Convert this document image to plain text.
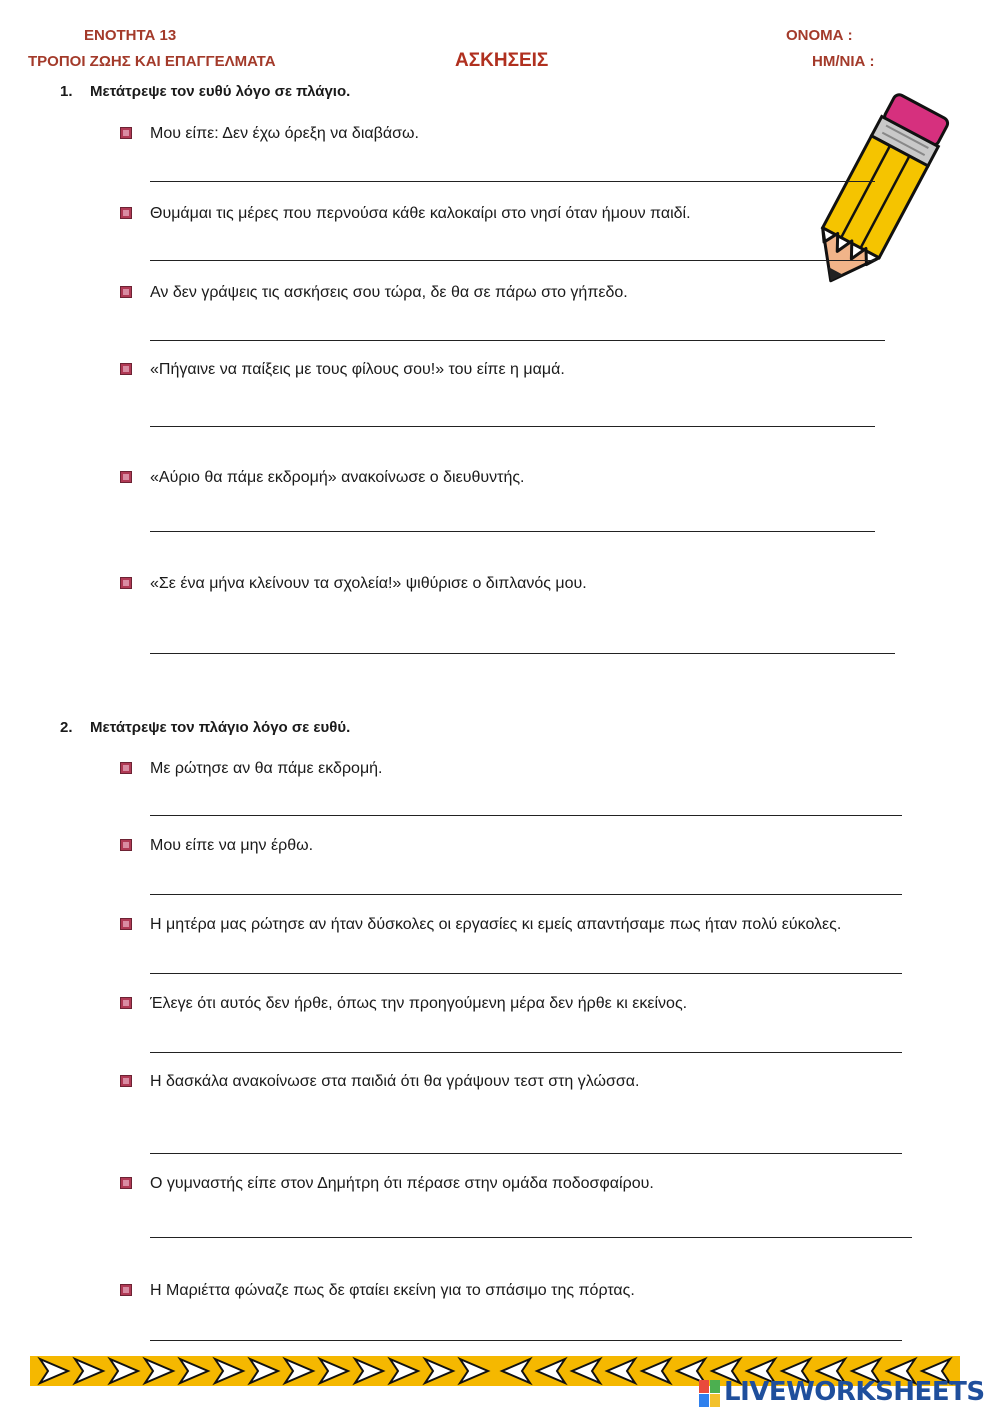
ΕΝΟΤΗΤΑ 13
ΤΡΟΠΟΙ ΖΩΗΣ ΚΑΙ ΕΠΑΓΓΕΛΜΑΤΑ	ΑΣΚΗΣΕΙΣ
ΟΝΟΜΑ :
ΗΜ/ΝΙΑ :
1. Μετάτρεψε τον ευθύ λόγο σε πλάγιο.
Μου είπε: Δεν έχω όρεξη να διαβάσω.
Θυμάμαι τις μέρες που περνούσα κάθε καλοκαίρι στο νησί όταν ήμουν παιδί.
Αν δεν γράψεις τις ασκήσεις σου τώρα, δε θα σε πάρω στο γήπεδο.
«Πήγαινε να παίξεις με τους φίλους σου!» του είπε η μαμά.
«Αύριο θα πάμε εκδρομή» ανακοίνωσε ο διευθυντής.
«Σε ένα μήνα κλείνουν τα σχολεία!» ψιθύρισε ο διπλανός μου.
2. Μετάτρεψε τον πλάγιο λόγο σε ευθύ.
Με ρώτησε αν θα πάμε εκδρομή.
Μου είπε να μην έρθω.
Η μητέρα μας ρώτησε αν ήταν δύσκολες οι εργασίες κι εμείς απαντήσαμε πως ήταν πολύ εύκολες.
Έλεγε ότι αυτός δεν ήρθε, όπως την προηγούμενη μέρα δεν ήρθε κι εκείνος.
Η δασκάλα ανακοίνωσε στα παιδιά ότι θα γράψουν τεστ στη γλώσσα.
Ο γυμναστής είπε στον Δημήτρη ότι πέρασε στην ομάδα ποδοσφαίρου.
Η Μαριέττα φώναζε πως δε φταίει εκείνη για το σπάσιμο της πόρτας.
LIVEWORKSHEETS
